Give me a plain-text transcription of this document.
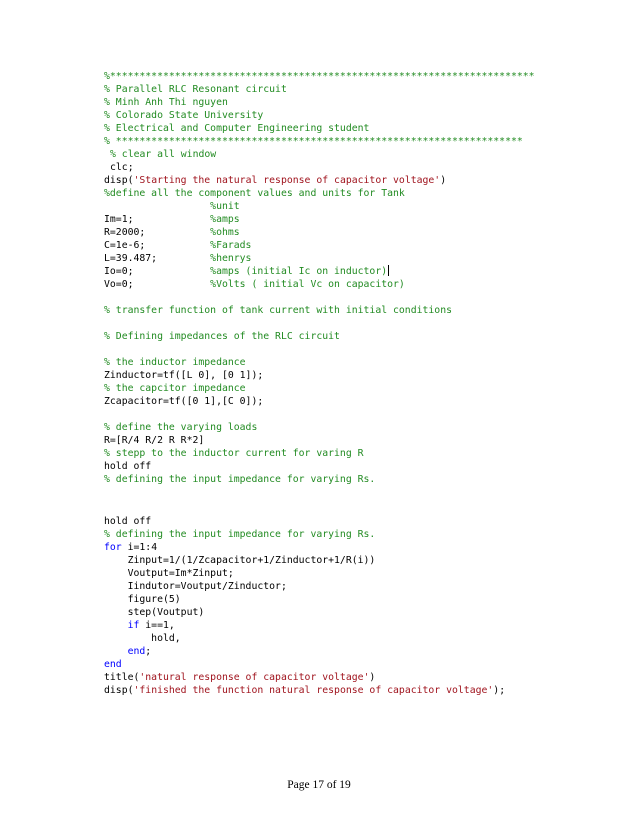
%************************************************************************
% Parallel RLC Resonant circuit
% Minh Anh Thi nguyen
% Colorado State University
% Electrical and Computer Engineering student
% *********************************************************************
% clear all window
clc;
disp('Starting the natural response of capacitor voltage')
%define all the component values and units for Tank
%unit
Im=1;             %amps
R=2000;           %ohms
C=1e-6;           %Farads
L=39.487;         %henrys
Io=0;             %amps (initial Ic on inductor)
Vo=0;             %Volts ( initial Vc on capacitor)
% transfer function of tank current with initial conditions
% Defining impedances of the RLC circuit
% the inductor impedance
Zinductor=tf([L 0], [0 1]);
% the capcitor impedance
Zcapacitor=tf([0 1],[C 0]);
% define the varying loads
R=[R/4 R/2 R R*2]
% stepp to the inductor current for varing R
hold off
% defining the input impedance for varying Rs.
hold off
% defining the input impedance for varying Rs.
for i=1:4
Zinput=1/(1/Zcapacitor+1/Zinductor+1/R(i))
Voutput=Im*Zinput;
Iindutor=Voutput/Zinductor;
figure(5)
step(Voutput)
if i==1,
hold,
end;
end
title('natural response of capacitor voltage')
disp('finished the function natural response of capacitor voltage');
Page 17 of 19
